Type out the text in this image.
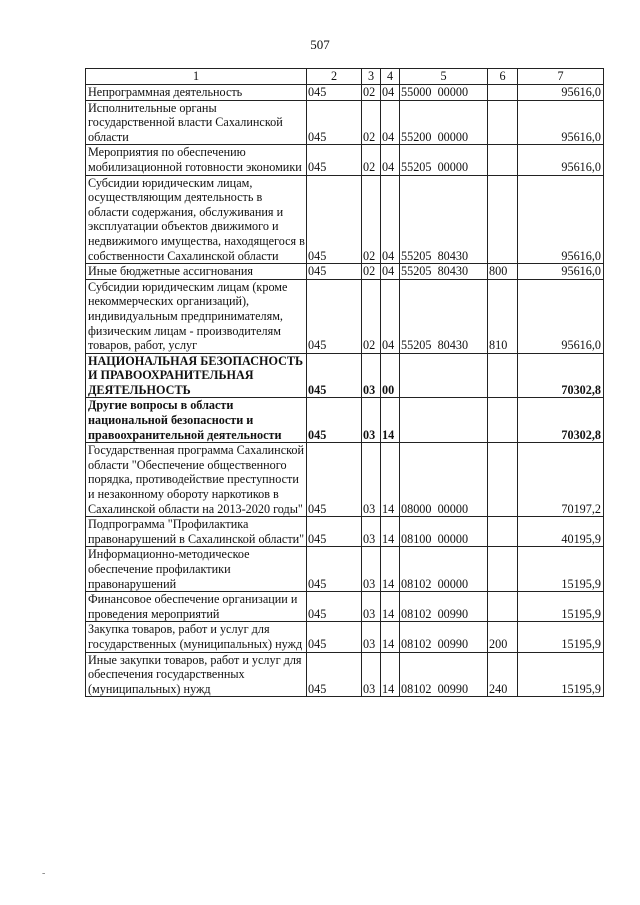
507
1	2	3	4	5	6	7
Непрограммная деятельность	045	02	04	55000  00000		95616,0
Исполнительные органы государственной власти Сахалинской области	045	02	04	55200  00000		95616,0
Мероприятия по обеспечению мобилизационной готовности экономики	045	02	04	55205  00000		95616,0
Субсидии юридическим лицам, осуществляющим деятельность в области содержания, обслуживания и эксплуатации объектов движимого и недвижимого имущества, находящегося в собственности Сахалинской области	045	02	04	55205  80430		95616,0
Иные бюджетные ассигнования	045	02	04	55205  80430	800	95616,0
Субсидии юридическим лицам (кроме некоммерческих организаций), индивидуальным предпринимателям, физическим лицам - производителям товаров, работ, услуг	045	02	04	55205  80430	810	95616,0
НАЦИОНАЛЬНАЯ БЕЗОПАСНОСТЬ И ПРАВООХРАНИТЕЛЬНАЯ ДЕЯТЕЛЬНОСТЬ	045	03	00			70302,8
Другие вопросы в области национальной безопасности и правоохранительной деятельности	045	03	14			70302,8
Государственная программа Сахалинской области "Обеспечение общественного порядка, противодействие преступности и незаконному обороту наркотиков в Сахалинской области на 2013-2020 годы"	045	03	14	08000  00000		70197,2
Подпрограмма "Профилактика правонарушений в Сахалинской области"	045	03	14	08100  00000		40195,9
Информационно-методическое обеспечение профилактики правонарушений	045	03	14	08102  00000		15195,9
Финансовое обеспечение организации и проведения мероприятий	045	03	14	08102  00990		15195,9
Закупка товаров, работ и услуг для государственных (муниципальных) нужд	045	03	14	08102  00990	200	15195,9
Иные закупки товаров, работ и услуг для обеспечения государственных (муниципальных) нужд	045	03	14	08102  00990	240	15195,9
-
